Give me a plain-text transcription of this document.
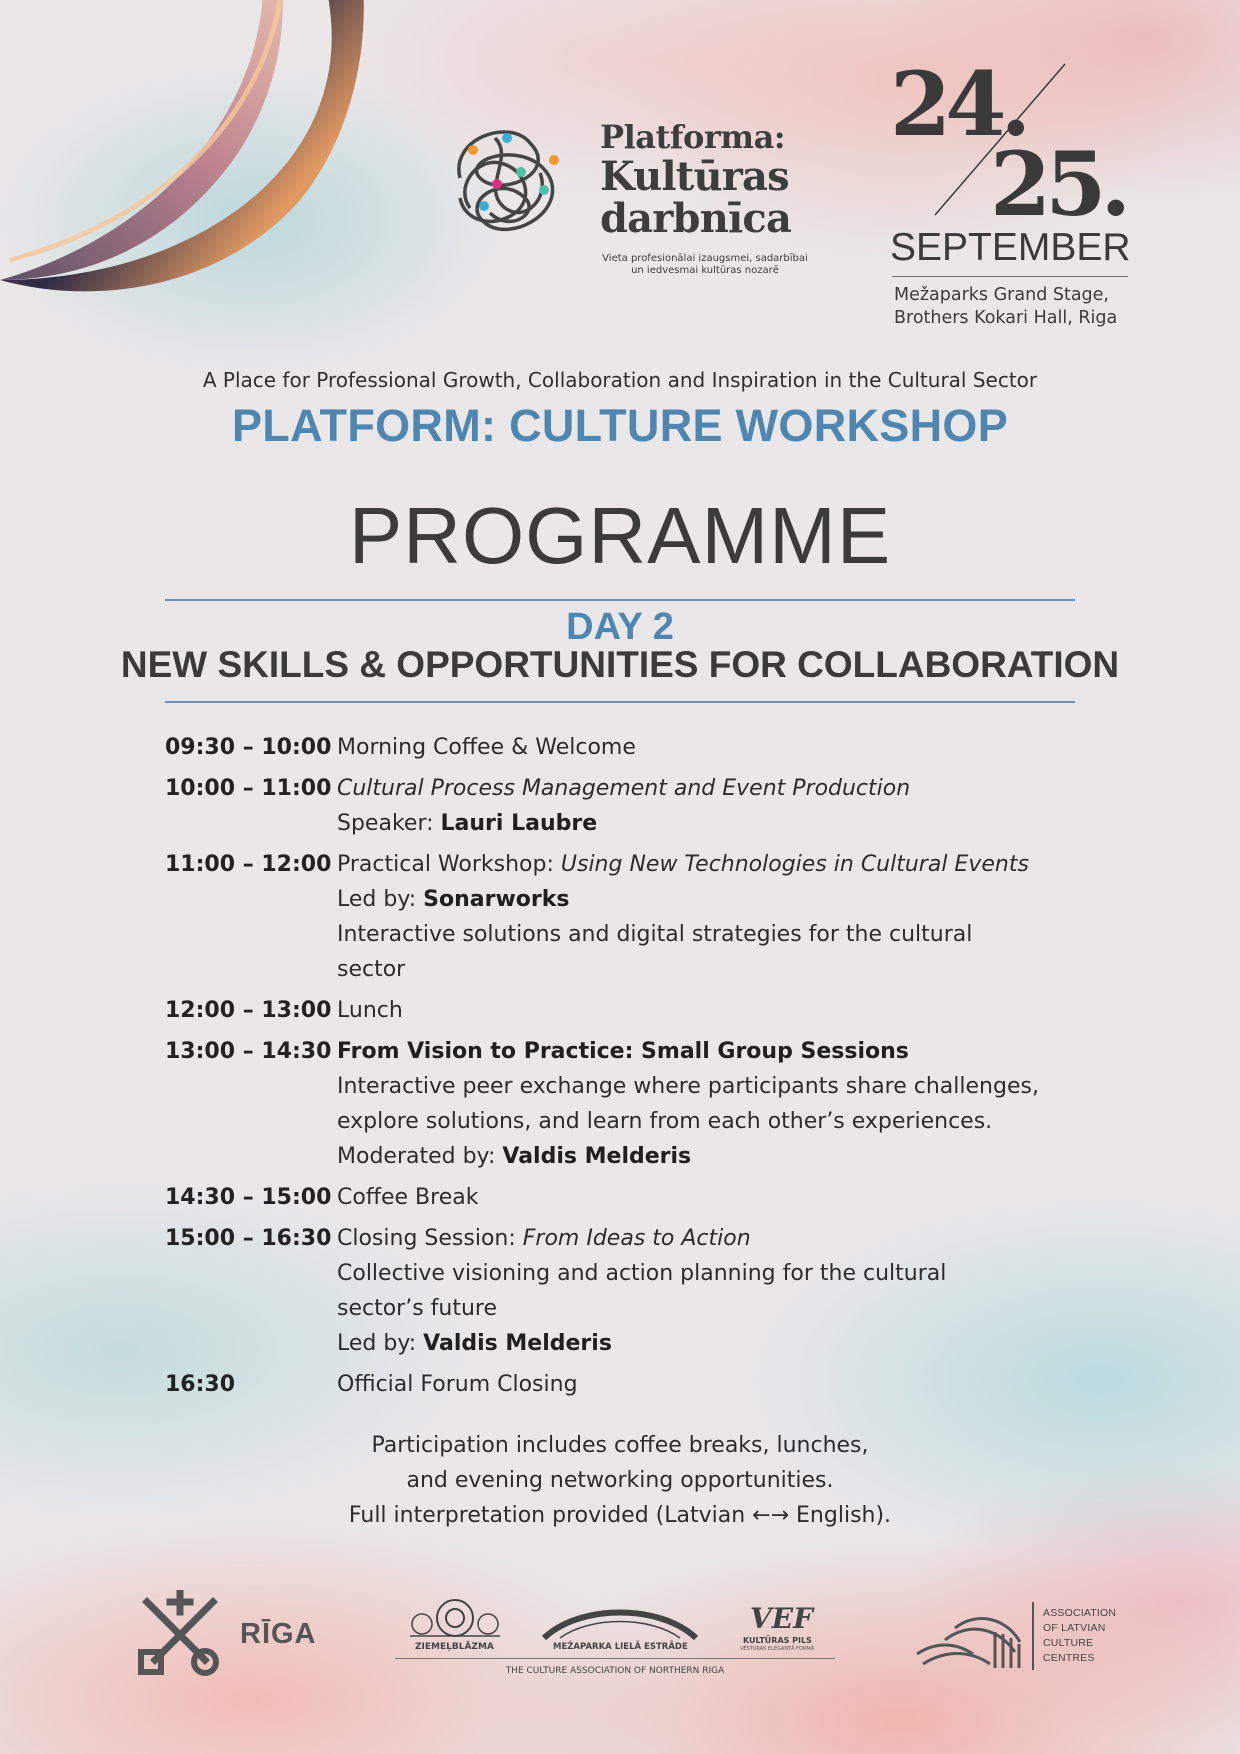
Platforma:
Kultūras
darbnīca
Vieta profesionālai izaugsmei, sadarbībai
un iedvesmai kultūras nozarē
24.
25.
SEPTEMBER
Mežaparks Grand Stage,
Brothers Kokari Hall, Riga
A Place for Professional Growth, Collaboration and Inspiration in the Cultural Sector
PLATFORM: CULTURE WORKSHOP
PROGRAMME
DAY 2
NEW SKILLS & OPPORTUNITIES FOR COLLABORATION
09:30 – 10:00 Morning Coffee & Welcome
10:00 – 11:00 Cultural Process Management and Event Production
Speaker: Lauri Laubre
11:00 – 12:00 Practical Workshop: Using New Technologies in Cultural Events
Led by: Sonarworks
Interactive solutions and digital strategies for the cultural sector
12:00 – 13:00 Lunch
13:00 – 14:30 From Vision to Practice: Small Group Sessions
Interactive peer exchange where participants share challenges, explore solutions, and learn from each other’s experiences.
Moderated by: Valdis Melderis
14:30 – 15:00 Coffee Break
15:00 – 16:30 Closing Session: From Ideas to Action
Collective visioning and action planning for the cultural sector’s future
Led by: Valdis Melderis
16:30	Official Forum Closing
Participation includes coffee breaks, lunches,
and evening networking opportunities.
Full interpretation provided (Latvian ←→ English).
RĪGA	ZIEMEĻBLĀZMA	MEŽAPARKA LIELĀ ESTRĀDE
VEF
KULTŪRAS PILS
VĒSTURAS ELEGANTĀ FORMĀ
THE CULTURE ASSOCIATION OF NORTHERN RIGA
ASSOCIATION
OF LATVIAN
CULTURE
CENTRES
